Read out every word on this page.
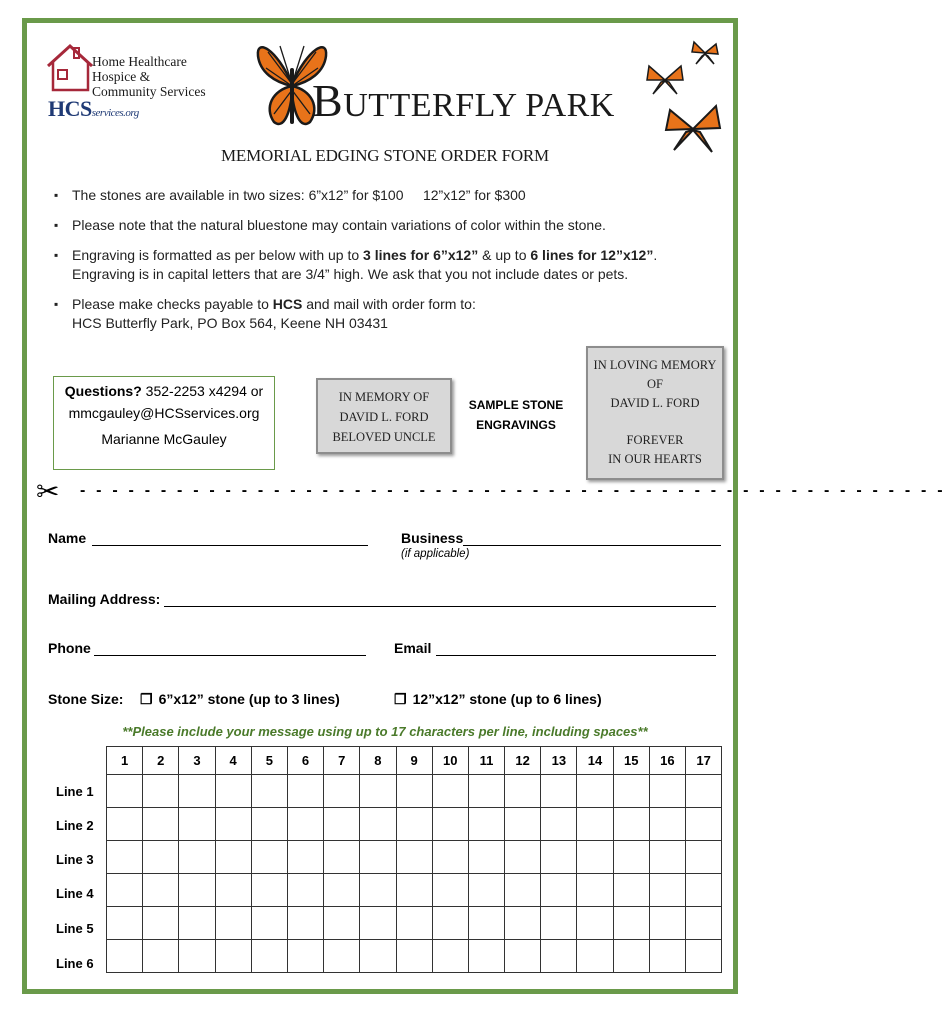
Home Healthcare
Hospice &
Community Services
HCSservices.org	BUTTERFLY PARK
MEMORIAL EDGING STONE ORDER FORM
▪ The stones are available in two sizes: 6”x12” for $100 12”x12” for $300
▪ Please note that the natural bluestone may contain variations of color within the stone.
▪ Engraving is formatted as per below with up to 3 lines for 6”x12” & up to 6 lines for 12”x12”.
Engraving is in capital letters that are 3/4” high. We ask that you not include dates or pets.
▪ Please make checks payable to HCS and mail with order form to:
HCS Butterfly Park, PO Box 564, Keene NH 03431
Questions? 352-2253 x4294 or
mmcgauley@HCSservices.org
Marianne McGauley
IN MEMORY OF
DAVID L. FORD
BELOVED UNCLE
SAMPLE STONE
ENGRAVINGS
IN LOVING MEMORY
OF
DAVID L. FORD
FOREVER
IN OUR HEARTS
✂ - - - - - - - - - - - - - - - - - - - - - - - - - - - - - - - - - - - - - - - - - - - - - - - - - - - - - -
Name	Business
(if applicable)
Mailing Address:
Phone	Email
Stone Size: ❐ 6”x12” stone (up to 3 lines)	❐ 12”x12” stone (up to 6 lines)
**Please include your message using up to 17 characters per line, including spaces**
1	2	3	4	5	6	7	8	9	10	11	12	13	14	15	16	17

Line 1
Line 2
Line 3
Line 4
Line 5
Line 6
